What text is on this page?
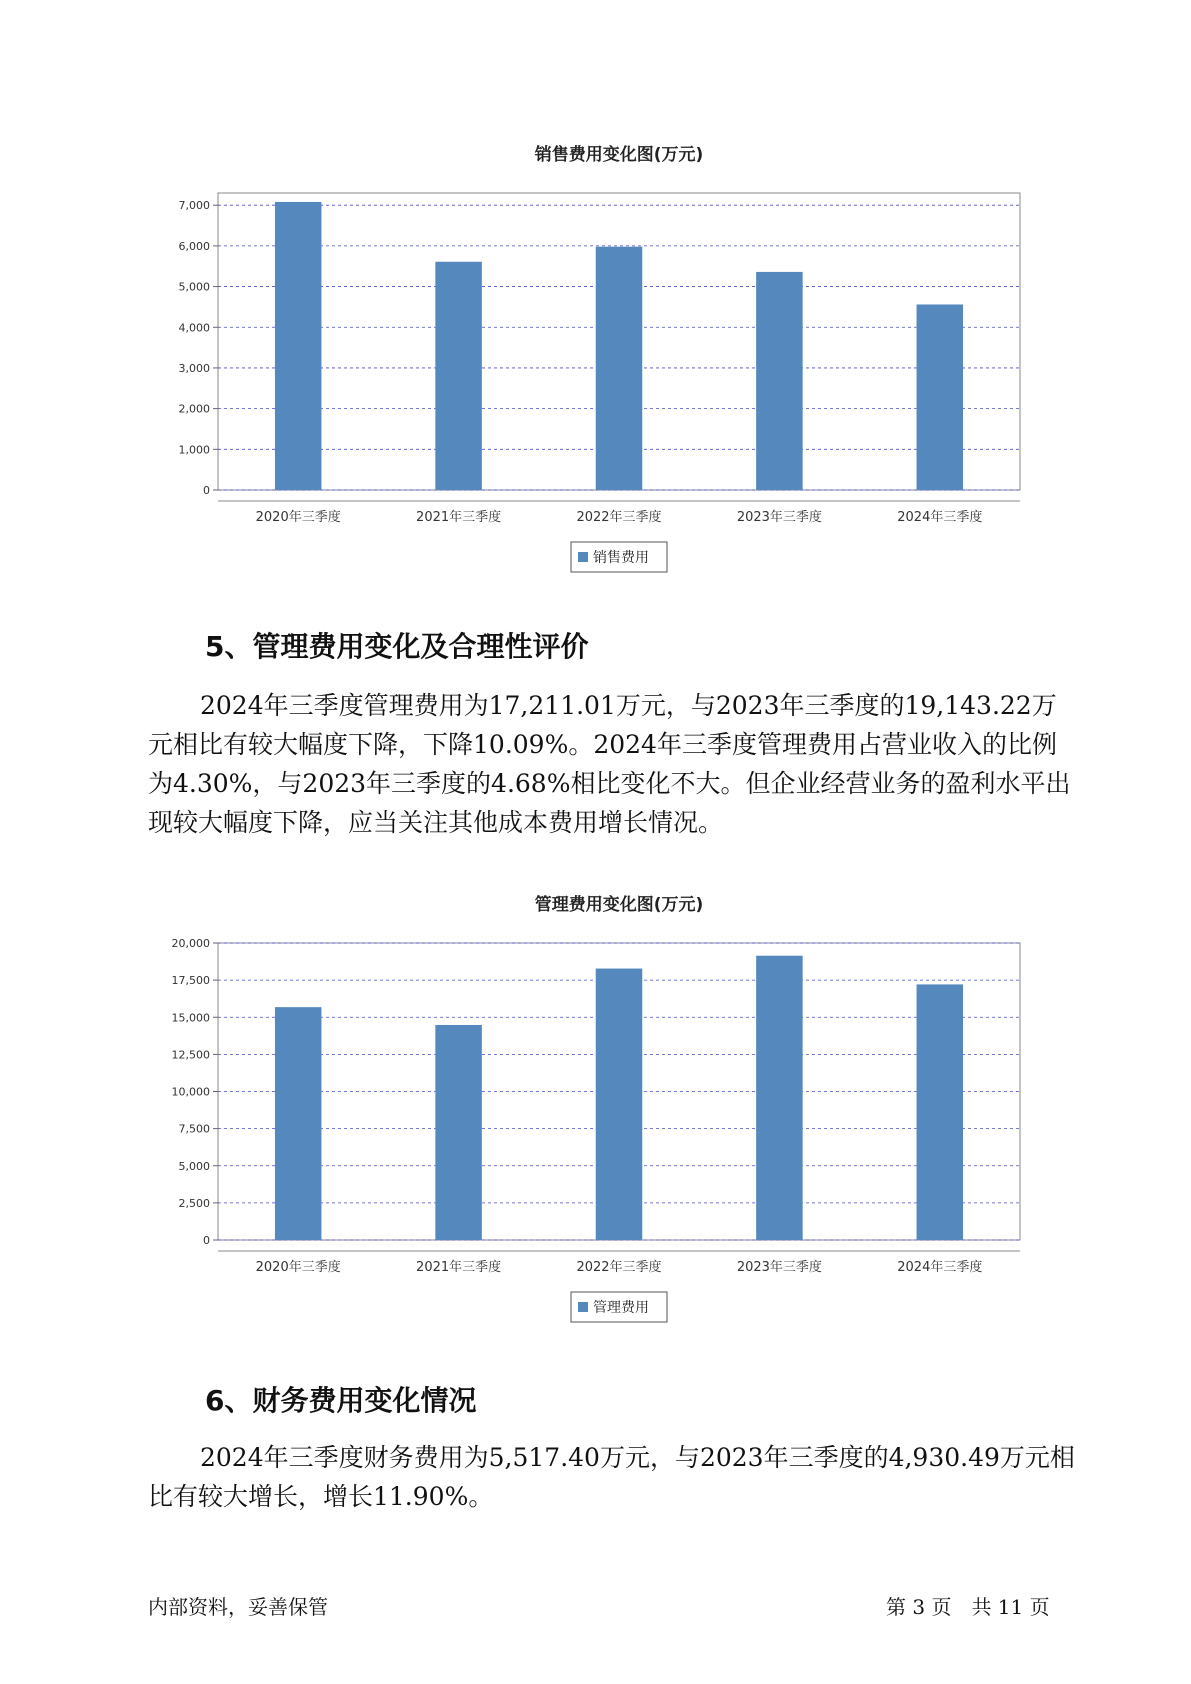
销售费用变化图(万元)
0
1,000
2,000
3,000
4,000
5,000
6,000
7,000
2020年三季度	2021年三季度	2022年三季度	2023年三季度	2024年三季度
销售费用
5、管理费用变化及合理性评价

2024年三季度管理费用为17,211.01万元，与2023年三季度的19,143.22万元相比有较大幅度下降，下降10.09%。2024年三季度管理费用占营业收入的比例为4.30%，与2023年三季度的4.68%相比变化不大。但企业经营业务的盈利水平出现较大幅度下降，应当关注其他成本费用增长情况。

管理费用变化图(万元)
0
2,500
5,000
7,500
10,000
12,500
15,000
17,500
20,000
2020年三季度	2021年三季度	2022年三季度	2023年三季度	2024年三季度
管理费用
6、财务费用变化情况

2024年三季度财务费用为5,517.40万元，与2023年三季度的4,930.49万元相比有较大增长，增长11.90%。

内部资料，妥善保管	第 3 页　共 11 页
